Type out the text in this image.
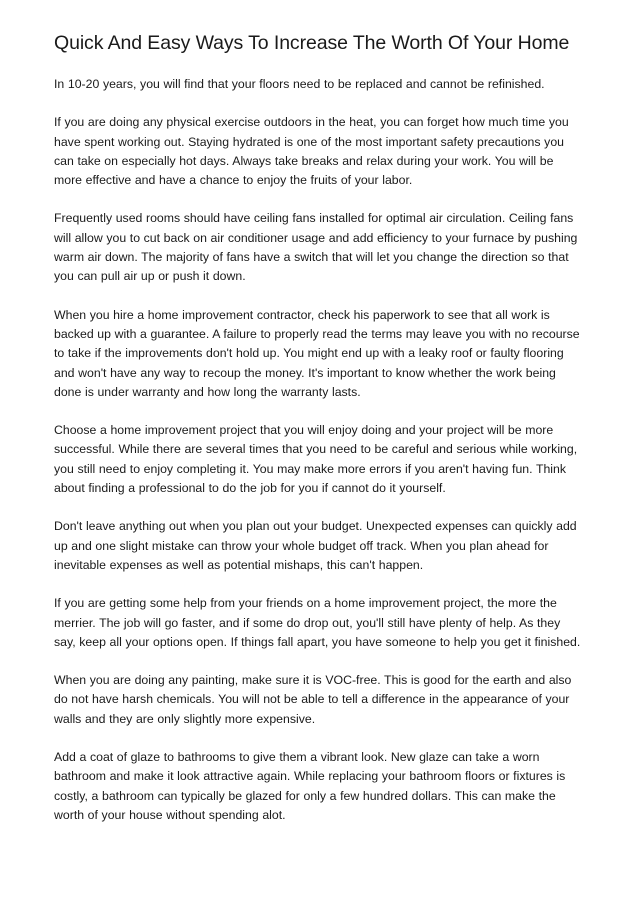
Quick And Easy Ways To Increase The Worth Of Your Home

In 10-20 years, you will find that your floors need to be replaced and cannot be refinished.

If you are doing any physical exercise outdoors in the heat, you can forget how much time you have spent working out. Staying hydrated is one of the most important safety precautions you can take on especially hot days. Always take breaks and relax during your work. You will be more effective and have a chance to enjoy the fruits of your labor.

Frequently used rooms should have ceiling fans installed for optimal air circulation. Ceiling fans will allow you to cut back on air conditioner usage and add efficiency to your furnace by pushing warm air down. The majority of fans have a switch that will let you change the direction so that you can pull air up or push it down.

When you hire a home improvement contractor, check his paperwork to see that all work is backed up with a guarantee. A failure to properly read the terms may leave you with no recourse to take if the improvements don't hold up. You might end up with a leaky roof or faulty flooring and won't have any way to recoup the money. It's important to know whether the work being done is under warranty and how long the warranty lasts.

Choose a home improvement project that you will enjoy doing and your project will be more successful. While there are several times that you need to be careful and serious while working, you still need to enjoy completing it. You may make more errors if you aren't having fun. Think about finding a professional to do the job for you if cannot do it yourself.

Don't leave anything out when you plan out your budget. Unexpected expenses can quickly add up and one slight mistake can throw your whole budget off track. When you plan ahead for inevitable expenses as well as potential mishaps, this can't happen.

If you are getting some help from your friends on a home improvement project, the more the merrier. The job will go faster, and if some do drop out, you'll still have plenty of help. As they say, keep all your options open. If things fall apart, you have someone to help you get it finished.

When you are doing any painting, make sure it is VOC-free. This is good for the earth and also do not have harsh chemicals. You will not be able to tell a difference in the appearance of your walls and they are only slightly more expensive.

Add a coat of glaze to bathrooms to give them a vibrant look. New glaze can take a worn bathroom and make it look attractive again. While replacing your bathroom floors or fixtures is costly, a bathroom can typically be glazed for only a few hundred dollars. This can make the worth of your house without spending alot.
